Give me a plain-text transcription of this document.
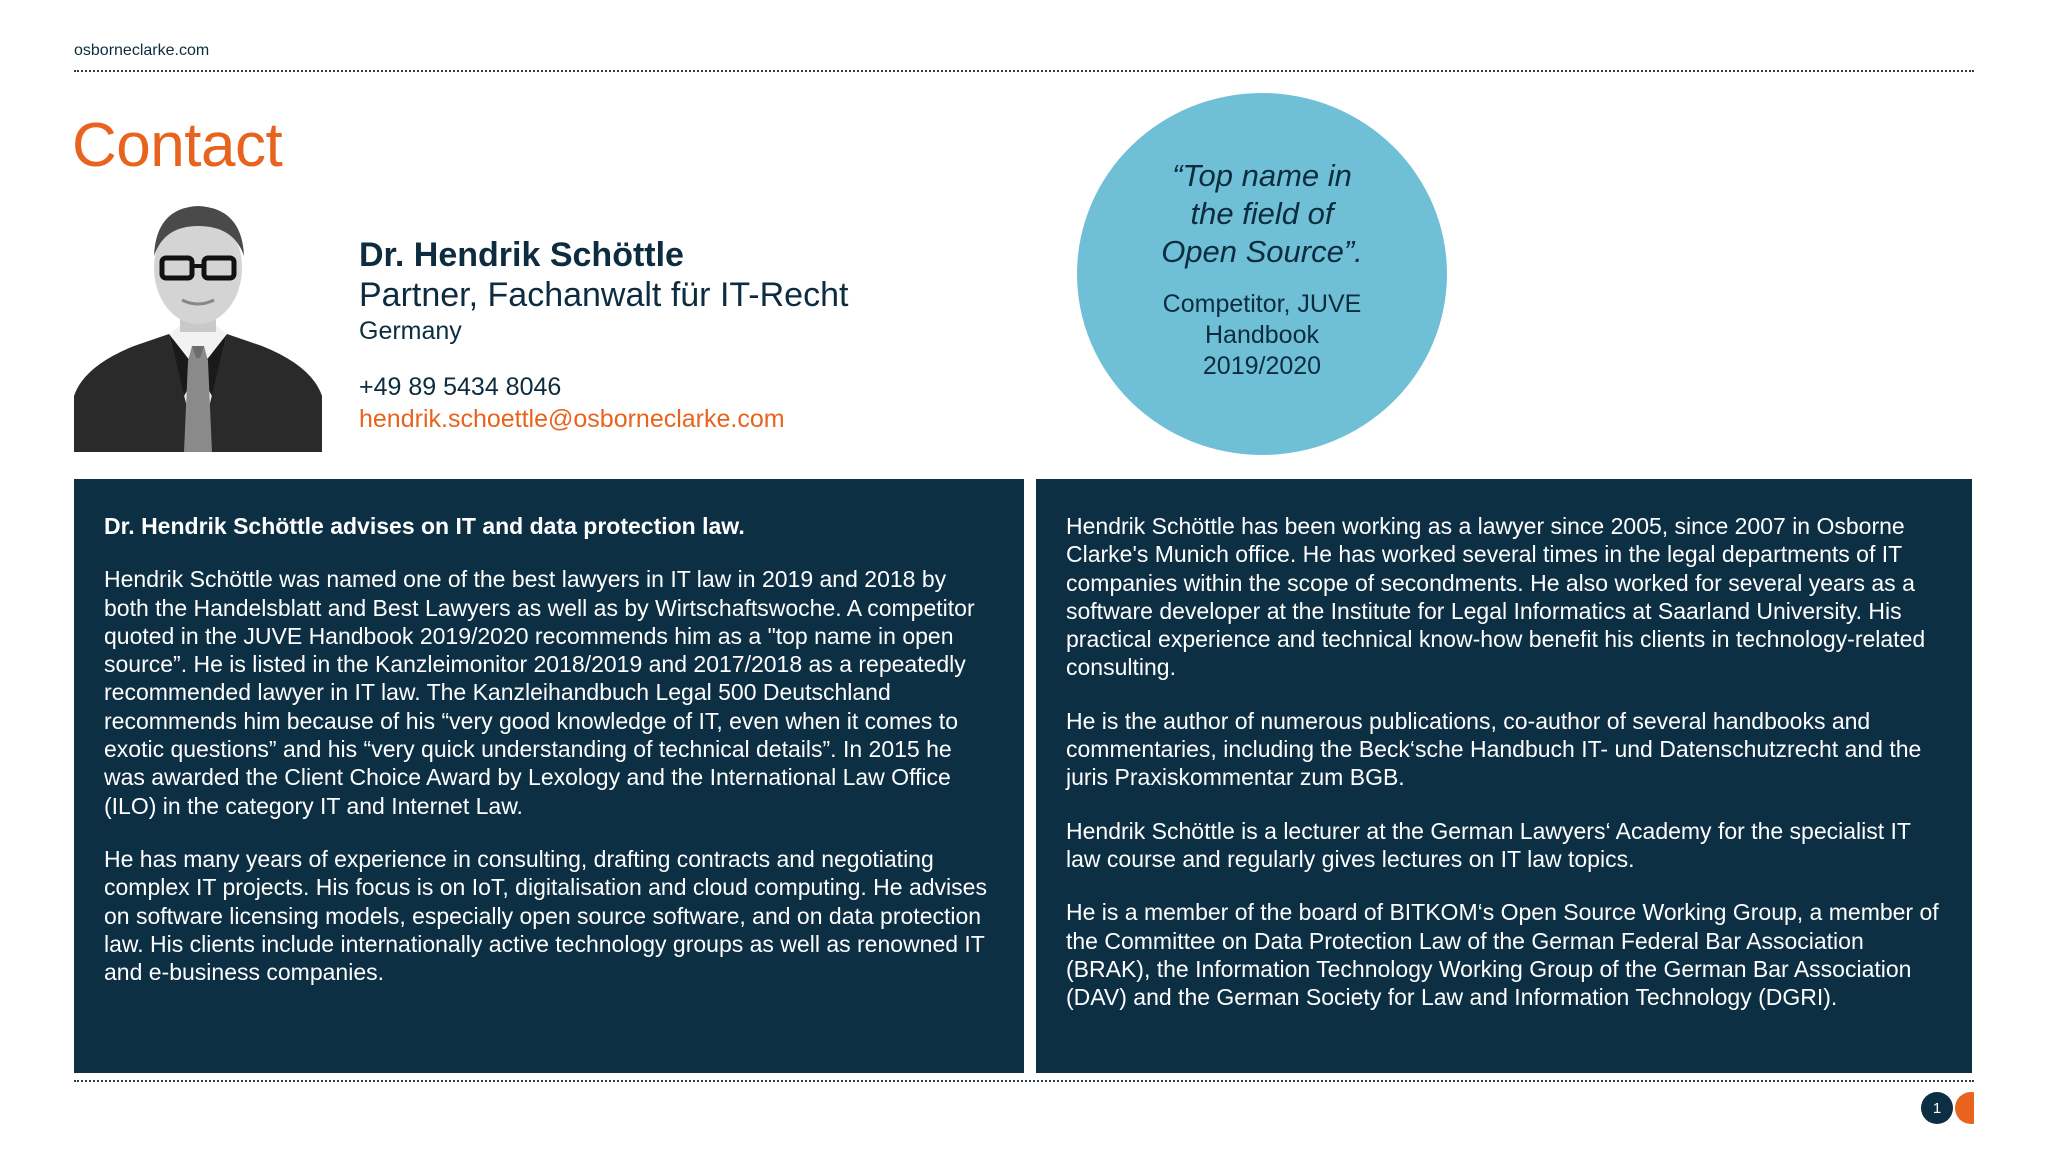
osborneclarke.com
Contact
Dr. Hendrik Schöttle
Partner, Fachanwalt für IT-Recht
Germany
+49 89 5434 8046
hendrik.schoettle@osborneclarke.com
“Top name in the field of Open Source”.
Competitor, JUVE
Handbook
2019/2020

Dr. Hendrik Schöttle advises on IT and data protection law.

Hendrik Schöttle was named one of the best lawyers in IT law in 2019 and 2018 by both the Handelsblatt and Best Lawyers as well as by Wirtschaftswoche. A competitor quoted in the JUVE Handbook 2019/2020 recommends him as a "top name in open source”. He is listed in the Kanzleimonitor 2018/2019 and 2017/2018 as a repeatedly recommended lawyer in IT law. The Kanzleihandbuch Legal 500 Deutschland recommends him because of his “very good knowledge of IT, even when it comes to exotic questions” and his “very quick understanding of technical details”. In 2015 he was awarded the Client Choice Award by Lexology and the International Law Office (ILO) in the category IT and Internet Law.

He has many years of experience in consulting, drafting contracts and negotiating complex IT projects. His focus is on IoT, digitalisation and cloud computing. He advises on software licensing models, especially open source software, and on data protection law. His clients include internationally active technology groups as well as renowned IT and e-business companies.

Hendrik Schöttle has been working as a lawyer since 2005, since 2007 in Osborne Clarke's Munich office. He has worked several times in the legal departments of IT companies within the scope of secondments. He also worked for several years as a software developer at the Institute for Legal Informatics at Saarland University. His practical experience and technical know-how benefit his clients in technology-related consulting.

He is the author of numerous publications, co-author of several handbooks and commentaries, including the Beck‘sche Handbuch IT- und Datenschutzrecht and the juris Praxiskommentar zum BGB.

Hendrik Schöttle is a lecturer at the German Lawyers‘ Academy for the specialist IT law course and regularly gives lectures on IT law topics.

He is a member of the board of BITKOM‘s Open Source Working Group, a member of the Committee on Data Protection Law of the German Federal Bar Association (BRAK), the Information Technology Working Group of the German Bar Association (DAV) and the German Society for Law and Information Technology (DGRI).

1
